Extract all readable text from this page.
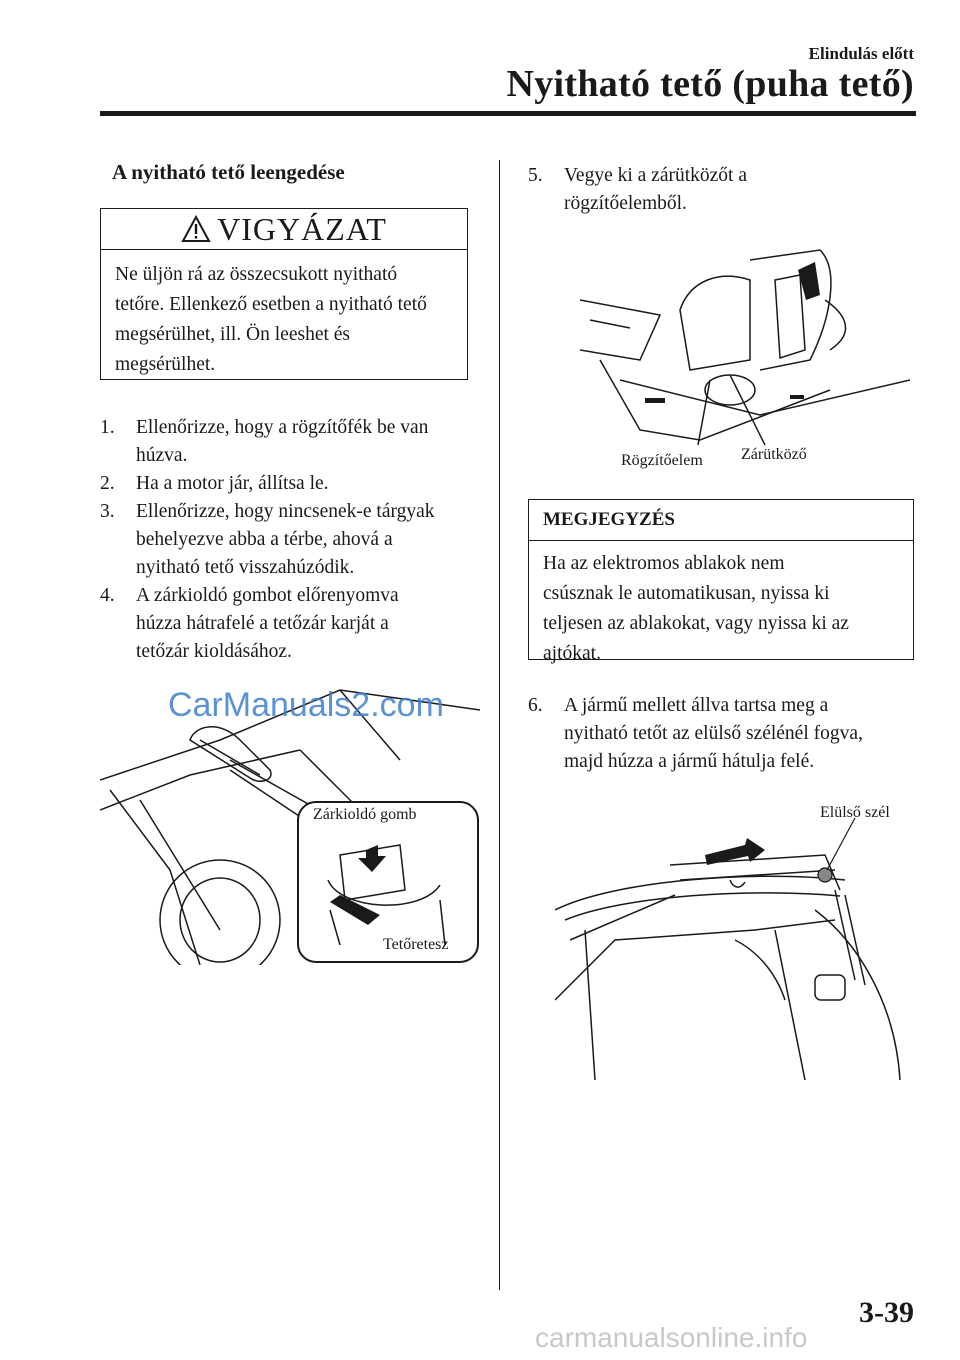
Elindulás előtt
Nyitható tető (puha tető)
A nyitható tető leengedése
VIGYÁZAT
Ne üljön rá az összecsukott nyitható
tetőre. Ellenkező esetben a nyitható tető
megsérülhet, ill. Ön leeshet és
megsérülhet.
1. Ellenőrizze, hogy a rögzítőfék be van
húzva.
2. Ha a motor jár, állítsa le.
3. Ellenőrizze, hogy nincsenek-e tárgyak
behelyezve abba a térbe, ahová a
nyitható tető visszahúzódik.
4. A zárkioldó gombot előrenyomva
húzza hátrafelé a tetőzár karját a
tetőzár kioldásához.
Zárkioldó gomb
Tetőretesz
5. Vegye ki a zárütközőt a
rögzítőelemből.
Rögzítőelem Zárütköző
MEGJEGYZÉS
Ha az elektromos ablakok nem
csúsznak le automatikusan, nyissa ki
teljesen az ablakokat, vagy nyissa ki az
ajtókat.
6. A jármű mellett állva tartsa meg a
nyitható tetőt az elülső szélénél fogva,
majd húzza a jármű hátulja felé.
Elülső szél
3-39
CarManuals2.com
carmanualsonline.info
